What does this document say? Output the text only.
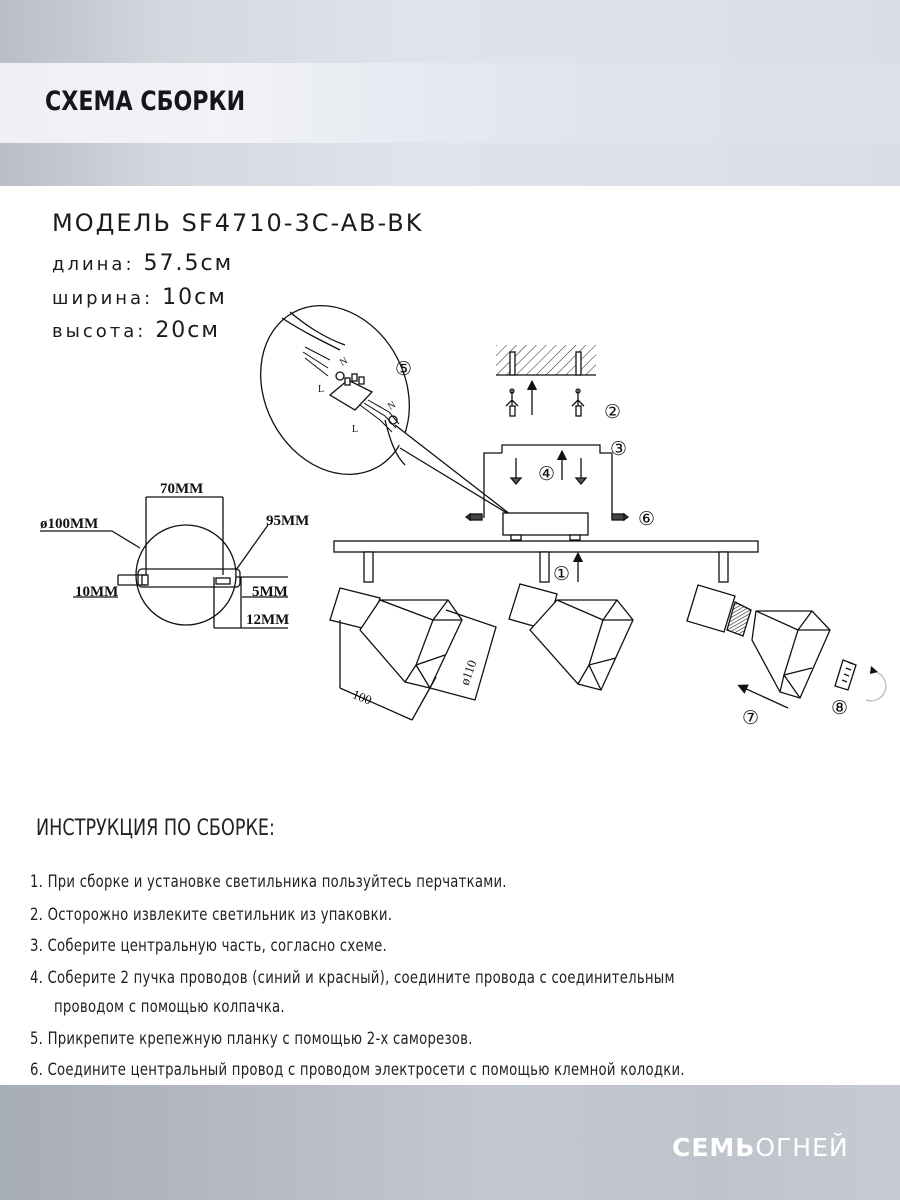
СХЕМА СБОРКИ
МОДЕЛЬ SF4710-3C-AB-BK
длина: 57.5см
ширина: 10см
высота: 20см
N
L
N
L
⑤
②
③
④
⑥
①
100
ø110
⑧
⑦
70MM
ø100MM	95MM
10MM	5MM
12MM
ИНСТРУКЦИЯ ПО СБОРКЕ:
1. При сборке и установке светильника пользуйтесь перчатками.
2. Осторожно извлеките светильник из упаковки.
3. Соберите центральную часть, согласно схеме.
4. Соберите 2 пучка проводов (синий и красный), соедините провода с соединительным
проводом с помощью колпачка.
5. Прикрепите крепежную планку с помощью 2-х саморезов.
6. Соедините центральный провод с проводом электросети с помощью клемной колодки.
СЕМЬОГНЕЙ
